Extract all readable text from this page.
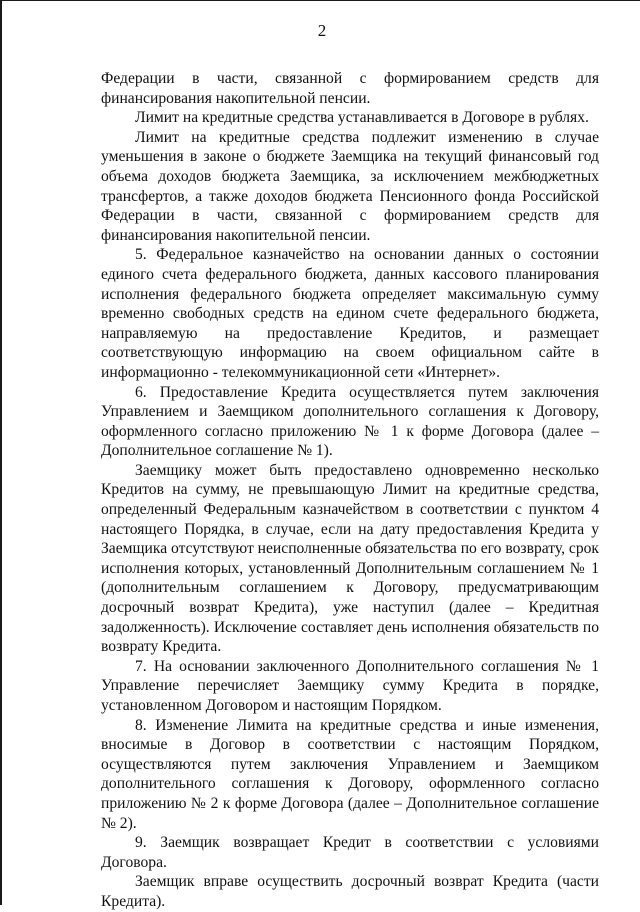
2

Федерации в части, связанной с формированием средств для финансирования накопительной пенсии.

Лимит на кредитные средства устанавливается в Договоре в рублях.

Лимит на кредитные средства подлежит изменению в случае уменьшения в законе о бюджете Заемщика на текущий финансовый год объема доходов бюджета Заемщика, за исключением межбюджетных трансфертов, а также доходов бюджета Пенсионного фонда Российской Федерации в части, связанной с формированием средств для финансирования накопительной пенсии.

5. Федеральное казначейство на основании данных о состоянии единого счета федерального бюджета, данных кассового планирования исполнения федерального бюджета определяет максимальную сумму временно свободных средств на едином счете федерального бюджета, направляемую на предоставление Кредитов, и размещает соответствующую информацию на своем официальном сайте в информационно - телекоммуникационной сети «Интернет».

6. Предоставление Кредита осуществляется путем заключения Управлением и Заемщиком дополнительного соглашения к Договору, оформленного согласно приложению № 1 к форме Договора (далее – Дополнительное соглашение № 1).

Заемщику может быть предоставлено одновременно несколько Кредитов на сумму, не превышающую Лимит на кредитные средства, определенный Федеральным казначейством в соответствии с пунктом 4 настоящего Порядка, в случае, если на дату предоставления Кредита у Заемщика отсутствуют неисполненные обязательства по его возврату, срок исполнения которых, установленный Дополнительным соглашением № 1 (дополнительным соглашением к Договору, предусматривающим досрочный возврат Кредита), уже наступил (далее – Кредитная задолженность). Исключение составляет день исполнения обязательств по возврату Кредита.

7. На основании заключенного Дополнительного соглашения № 1 Управление перечисляет Заемщику сумму Кредита в порядке, установленном Договором и настоящим Порядком.

8. Изменение Лимита на кредитные средства и иные изменения, вносимые в Договор в соответствии с настоящим Порядком, осуществляются путем заключения Управлением и Заемщиком дополнительного соглашения к Договору, оформленного согласно приложению № 2 к форме Договора (далее – Дополнительное соглашение № 2).

9. Заемщик возвращает Кредит в соответствии с условиями Договора.

Заемщик вправе осуществить досрочный возврат Кредита (части Кредита).
